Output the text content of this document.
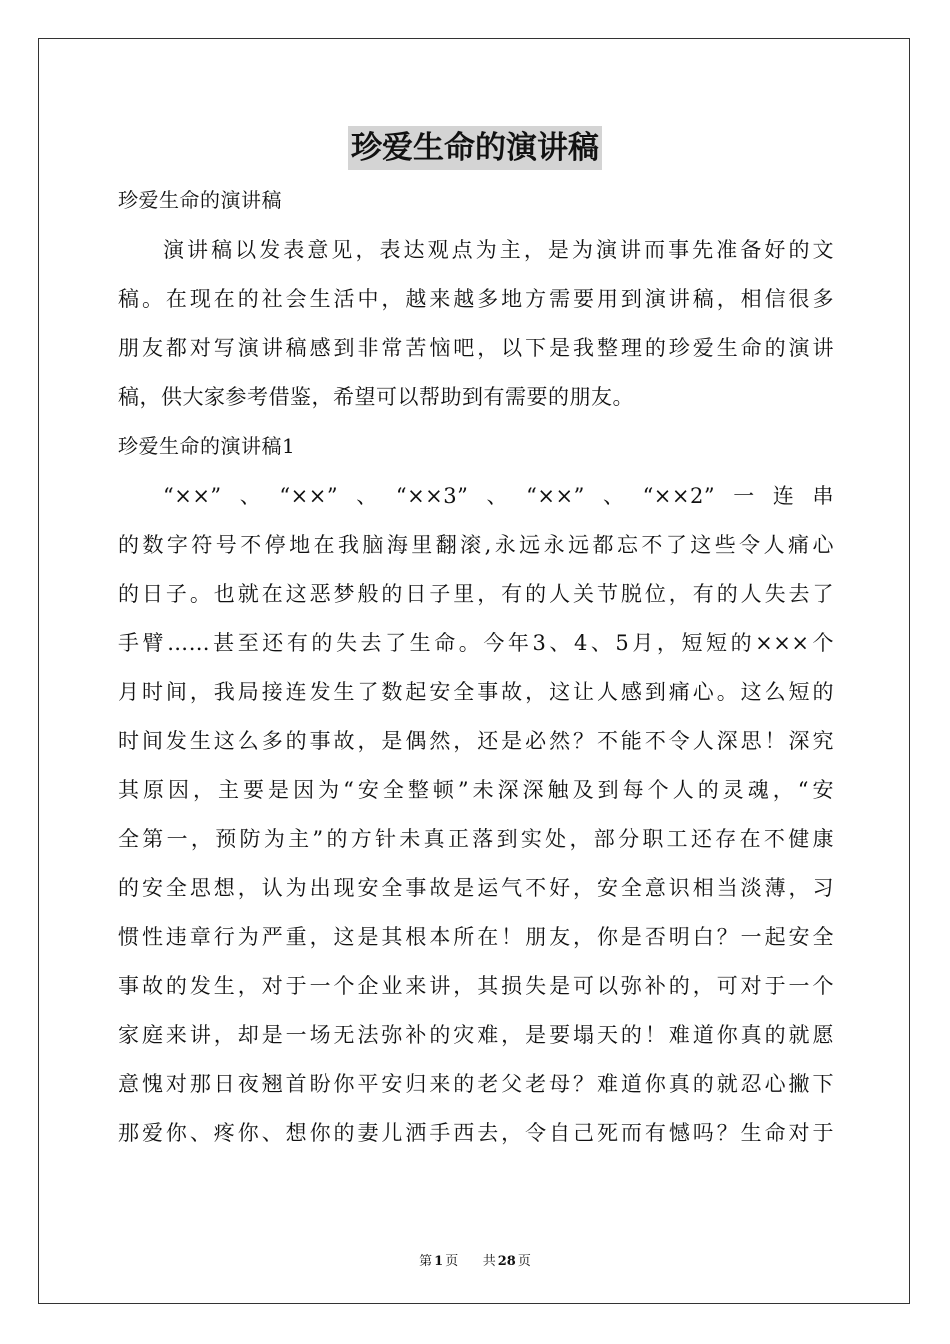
珍爱生命的演讲稿
珍爱生命的演讲稿
演讲稿以发表意见，表达观点为主，是为演讲而事先准备好的文
稿。在现在的社会生活中，越来越多地方需要用到演讲稿，相信很多
朋友都对写演讲稿感到非常苦恼吧，以下是我整理的珍爱生命的演讲
稿，供大家参考借鉴，希望可以帮助到有需要的朋友。
珍爱生命的演讲稿1
“××”、“××”、“××3”、“××”、“××2”一连串
的数字符号不停地在我脑海里翻滚,永远永远都忘不了这些令人痛心
的日子。也就在这恶梦般的日子里，有的人关节脱位，有的人失去了
手臂……甚至还有的失去了生命。今年3、4、5月，短短的×××个
月时间，我局接连发生了数起安全事故，这让人感到痛心。这么短的
时间发生这么多的事故，是偶然，还是必然？不能不令人深思！深究
其原因，主要是因为“安全整顿”未深深触及到每个人的灵魂，“安
全第一，预防为主”的方针未真正落到实处，部分职工还存在不健康
的安全思想，认为出现安全事故是运气不好，安全意识相当淡薄，习
惯性违章行为严重，这是其根本所在！朋友，你是否明白？一起安全
事故的发生，对于一个企业来讲，其损失是可以弥补的，可对于一个
家庭来讲，却是一场无法弥补的灾难，是要塌天的！难道你真的就愿
意愧对那日夜翘首盼你平安归来的老父老母？难道你真的就忍心撇下
那爱你、疼你、想你的妻儿洒手西去，令自己死而有憾吗？生命对于
第 1 页 共 28 页
